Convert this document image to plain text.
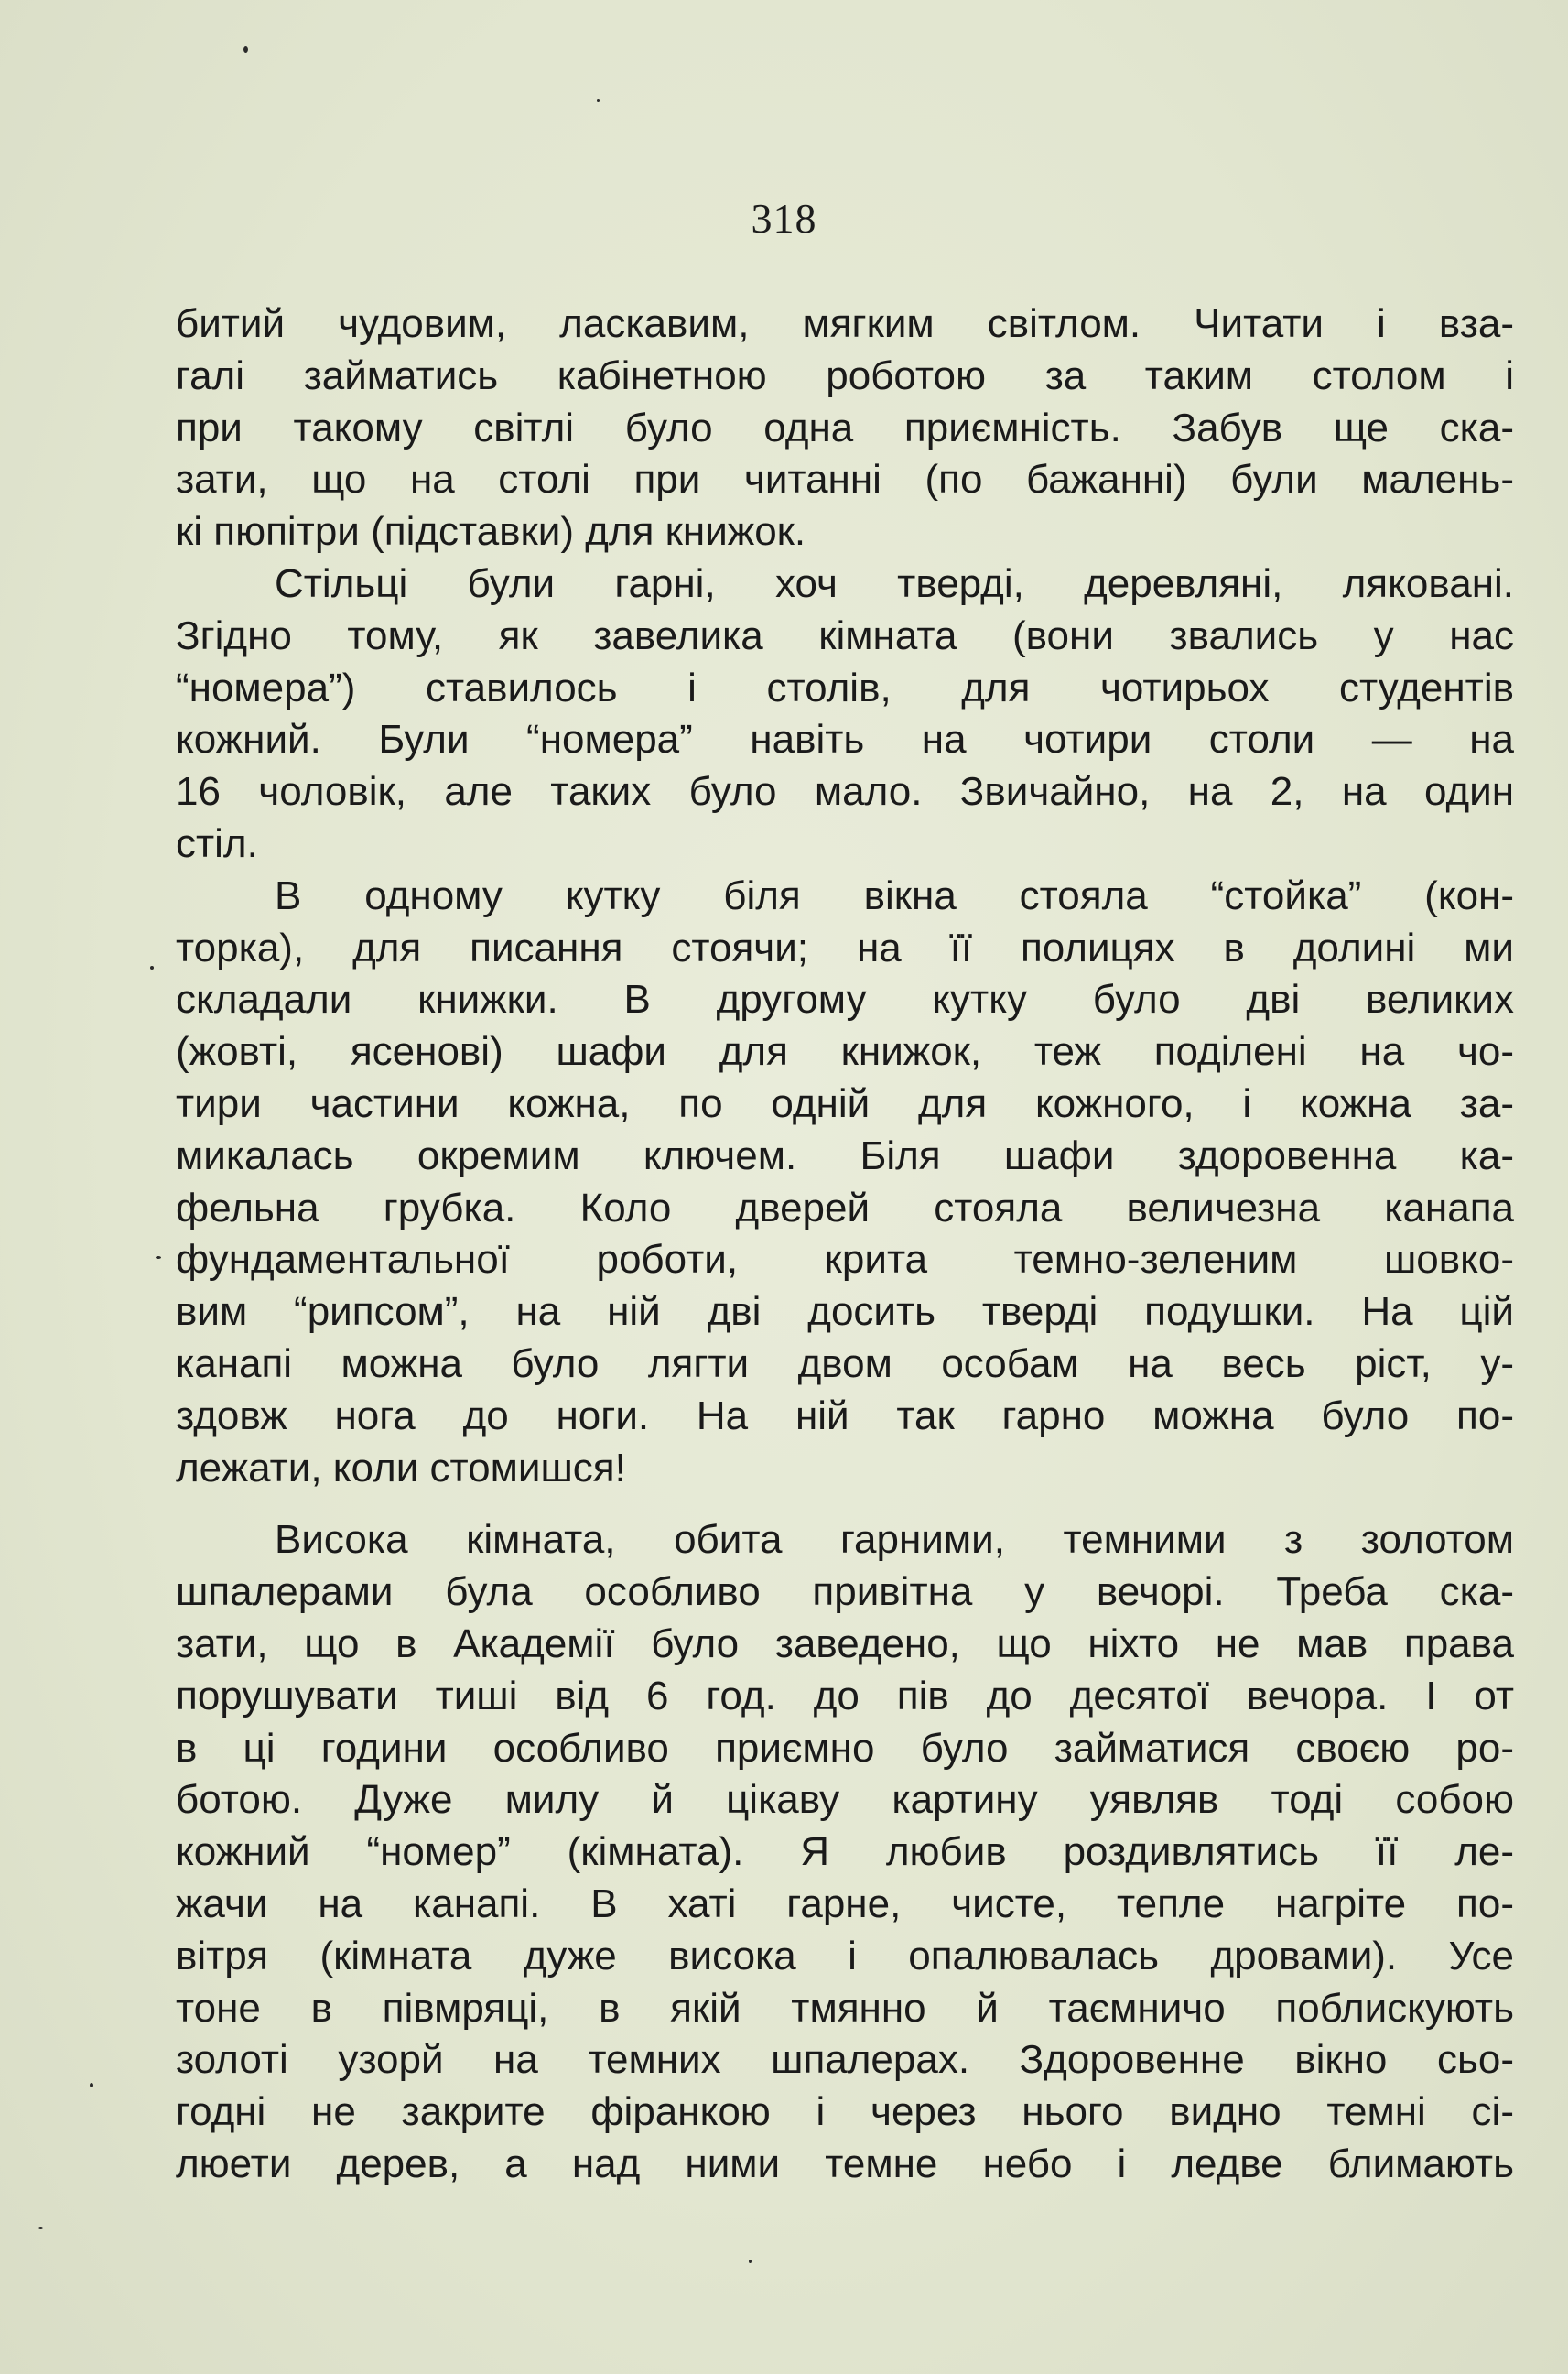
318
битий чудовим, ласкавим, мягким світлом. Читати і вза-
галі займатись кабінетною роботою за таким столом і
при такому світлі було одна приємність. Забув ще ска-
зати, що на столі при читанні (по бажанні) були малень-
кі пюпітри (підставки) для книжок.
Стільці були гарні, хоч тверді, деревляні, ляковані.
Згідно тому, як завелика кімната (вони звались у нас
“номера”) ставилось і столів, для чотирьох студентів
кожний. Були “номера” навіть на чотири столи — на
16 чоловік, але таких було мало. Звичайно, на 2, на один
стіл.
В одному кутку біля вікна стояла “стойка” (кон-
торка), для писання стоячи; на її полицях в долині ми
складали книжки. В другому кутку було дві великих
(жовті, ясенові) шафи для книжок, теж поділені на чо-
тири частини кожна, по одній для кожного, і кожна за-
микалась окремим ключем. Біля шафи здоровенна ка-
фельна грубка. Коло дверей стояла величезна канапа
фундаментальної роботи, крита темно-зеленим шовко-
вим “рипсом”, на ній дві досить тверді подушки. На цій
канапі можна було лягти двом особам на весь ріст, у-
здовж нога до ноги. На ній так гарно можна було по-
лежати, коли стомишся!
Висока кімната, обита гарними, темними з золотом
шпалерами була особливо привітна у вечорі. Треба ска-
зати, що в Академії було заведено, що ніхто не мав права
порушувати тиші від 6 год. до пів до десятої вечора. І от
в ці години особливо приємно було займатися своєю ро-
ботою. Дуже милу й цікаву картину уявляв тоді собою
кожний “номер” (кімната). Я любив роздивлятись її ле-
жачи на канапі. В хаті гарне, чисте, тепле нагріте по-
вітря (кімната дуже висока і опалювалась дровами). Усе
тоне в півмряці, в якій тмянно й таємничо поблискують
золоті узорй на темних шпалерах. Здоровенне вікно сьо-
годні не закрите фіранкою і через нього видно темні сі-
люети дерев, а над ними темне небо і ледве блимають
